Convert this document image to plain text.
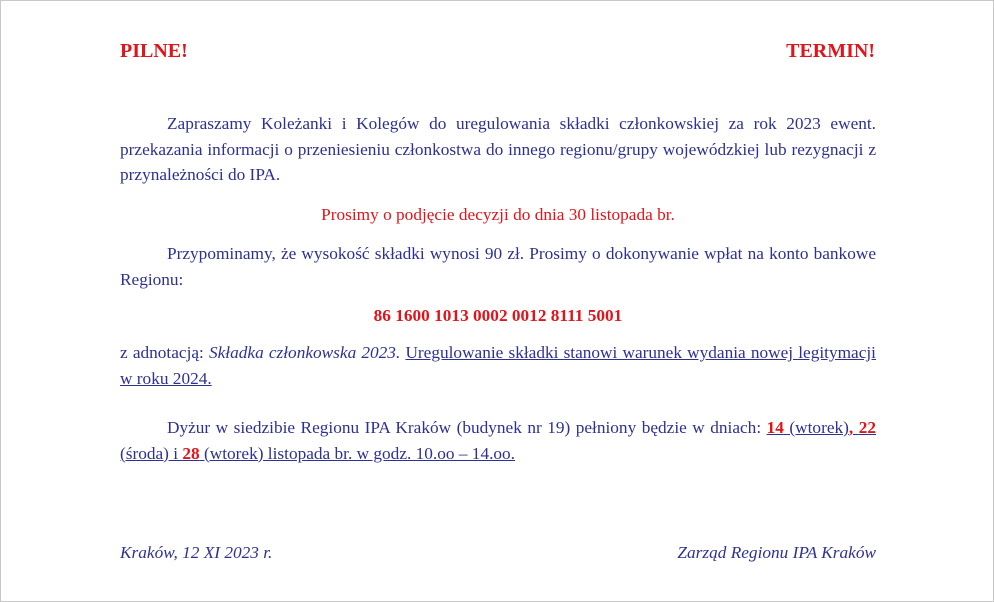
PILNE!	TERMIN!
Zapraszamy Koleżanki i Kolegów do uregulowania składki członkowskiej za rok 2023 ewent. przekazania informacji o przeniesieniu członkostwa do innego regionu/grupy wojewódzkiej lub rezygnacji z przynależności do IPA.
Prosimy o podjęcie decyzji do dnia 30 listopada br.
Przypominamy, że wysokość składki wynosi 90 zł. Prosimy o dokonywanie wpłat na konto bankowe Regionu:
86 1600 1013 0002 0012 8111 5001
z adnotacją: Składka członkowska 2023. Uregulowanie składki stanowi warunek wydania nowej legitymacji w roku 2024.
Dyżur w siedzibie Regionu IPA Kraków (budynek nr 19) pełniony będzie w dniach: 14 (wtorek), 22 (środa) i 28 (wtorek) listopada br. w godz. 10.oo – 14.oo.
Kraków, 12 XI 2023 r.	Zarząd Regionu IPA Kraków
